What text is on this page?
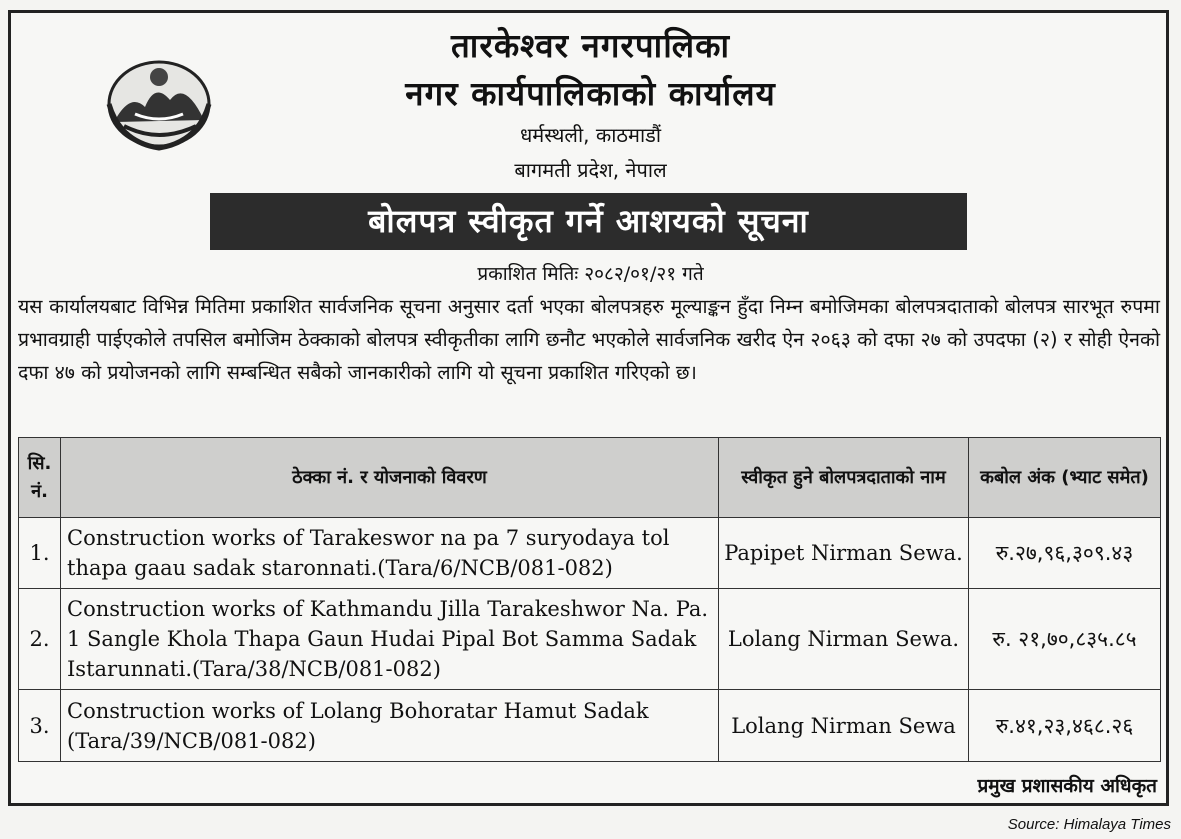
तारकेश्वर नगरपालिका
नगर कार्यपालिकाको कार्यालय
धर्मस्थली, काठमाडौं
बागमती प्रदेश, नेपाल
बोलपत्र स्वीकृत गर्ने आशयको सूचना
प्रकाशित मितिः २०८२/०१/२१ गते
यस कार्यालयबाट विभिन्न मितिमा प्रकाशित सार्वजनिक सूचना अनुसार दर्ता भएका बोलपत्रहरु मूल्याङ्कन हुँदा निम्न बमोजिमका बोलपत्रदाताको बोलपत्र सारभूत रुपमा प्रभावग्राही पाईएकोले तपसिल बमोजिम ठेक्काको बोलपत्र स्वीकृतीका लागि छनौट भएकोले सार्वजनिक खरीद ऐन २०६३ को दफा २७ को उपदफा (२) र सोही ऐनको दफा ४७ को प्रयोजनको लागि सम्बन्धित सबैको जानकारीको लागि यो सूचना प्रकाशित गरिएको छ।
सि. नं.	ठेक्का नं. र योजनाको विवरण	स्वीकृत हुने बोलपत्रदाताको नाम	कबोल अंक (भ्याट समेत)
1.	Construction works of Tarakeswor na pa 7 suryodaya tol thapa gaau sadak staronnati.(Tara/6/NCB/081-082)	Papipet Nirman Sewa.	रु.२७,९६,३०९.४३
2.	Construction works of Kathmandu Jilla Tarakeshwor Na. Pa. 1 Sangle Khola Thapa Gaun Hudai Pipal Bot Samma Sadak Istarunnati.(Tara/38/NCB/081-082)	Lolang Nirman Sewa.	रु. २१,७०,८३५.८५
3.	Construction works of Lolang Bohoratar Hamut Sadak (Tara/39/NCB/081-082)	Lolang Nirman Sewa	रु.४१,२३,४६८.२६
प्रमुख प्रशासकीय अधिकृत
Source: Himalaya Times
